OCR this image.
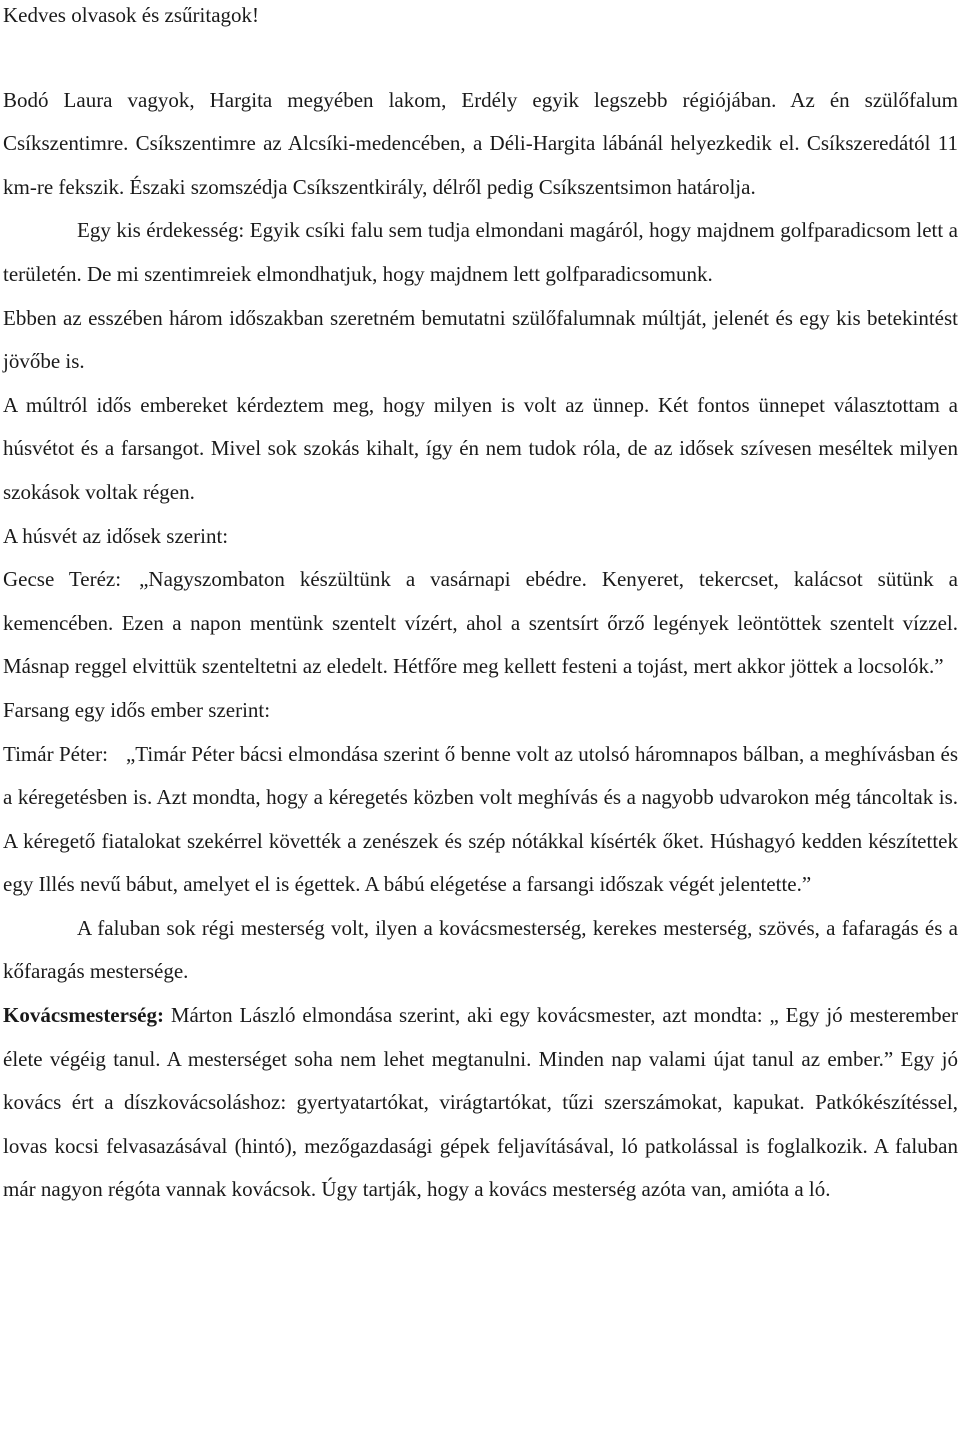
Kedves olvasok és zsűritagok!

Bodó Laura vagyok, Hargita megyében lakom, Erdély egyik legszebb régiójában. Az én szülőfalum Csíkszentimre. Csíkszentimre az Alcsíki-medencében, a Déli-Hargita lábánál helyezkedik el. Csíkszeredától 11 km-re fekszik. Északi szomszédja Csíkszentkirály, délről pedig Csíkszentsimon határolja.

Egy kis érdekesség: Egyik csíki falu sem tudja elmondani magáról, hogy majdnem golfparadicsom lett a területén. De mi szentimreiek elmondhatjuk, hogy majdnem lett golfparadicsomunk.

Ebben az esszében három időszakban szeretném bemutatni szülőfalumnak múltját, jelenét és egy kis betekintést jövőbe is.

A múltról idős embereket kérdeztem meg, hogy milyen is volt az ünnep. Két fontos ünnepet választottam a húsvétot és a farsangot. Mivel sok szokás kihalt, így én nem tudok róla, de az idősek szívesen meséltek milyen szokások voltak régen.

A húsvét az idősek szerint:

Gecse Teréz: „Nagyszombaton készültünk a vasárnapi ebédre. Kenyeret, tekercset, kalácsot sütünk a kemencében. Ezen a napon mentünk szentelt vízért, ahol a szentsírt őrző legények leöntöttek szentelt vízzel. Másnap reggel elvittük szenteltetni az eledelt. Hétfőre meg kellett festeni a tojást, mert akkor jöttek a locsolók.”

Farsang egy idős ember szerint:

Timár Péter: „Timár Péter bácsi elmondása szerint ő benne volt az utolsó háromnapos bálban, a meghívásban és a kéregetésben is. Azt mondta, hogy a kéregetés közben volt meghívás és a nagyobb udvarokon még táncoltak is. A kéregető fiatalokat szekérrel követték a zenészek és szép nótákkal kísérték őket. Húshagyó kedden készítettek egy Illés nevű bábut, amelyet el is égettek. A bábú elégetése a farsangi időszak végét jelentette.”

A faluban sok régi mesterség volt, ilyen a kovácsmesterség, kerekes mesterség, szövés, a fafaragás és a kőfaragás mestersége.

Kovácsmesterség: Márton László elmondása szerint, aki egy kovácsmester, azt mondta: „ Egy jó mesterember élete végéig tanul. A mesterséget soha nem lehet megtanulni. Minden nap valami újat tanul az ember.” Egy jó kovács ért a díszkovácsoláshoz: gyertyatartókat, virágtartókat, tűzi szerszámokat, kapukat. Patkókészítéssel, lovas kocsi felvasazásával (hintó), mezőgazdasági gépek feljavításával, ló patkolással is foglalkozik. A faluban már nagyon régóta vannak kovácsok. Úgy tartják, hogy a kovács mesterség azóta van, amióta a ló.
